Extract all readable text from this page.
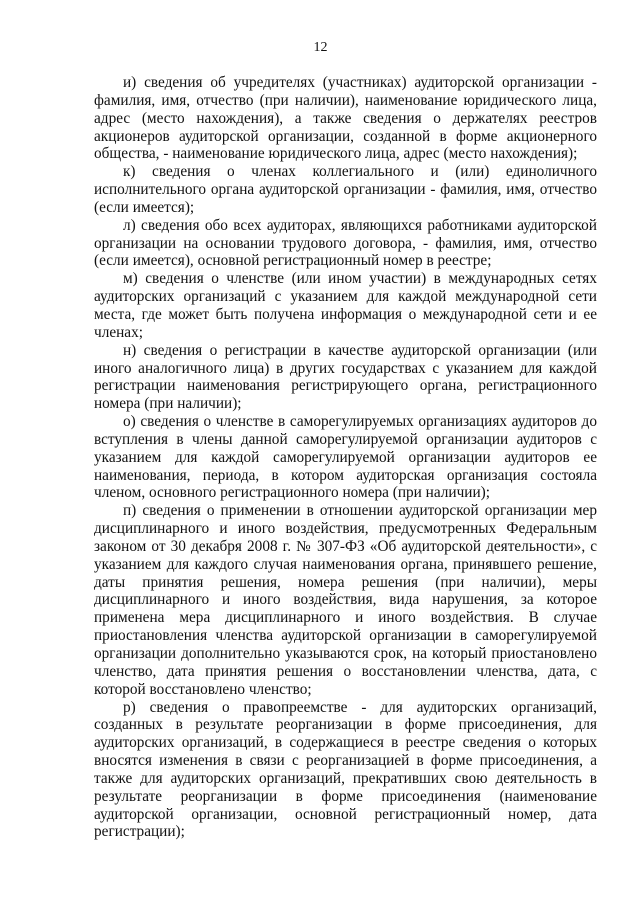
12

и) сведения об учредителях (участниках) аудиторской организации - фамилия, имя, отчество (при наличии), наименование юридического лица, адрес (место нахождения), а также сведения о держателях реестров акционеров аудиторской организации, созданной в форме акционерного общества, - наименование юридического лица, адрес (место нахождения);

к) сведения о членах коллегиального и (или) единоличного исполнительного органа аудиторской организации - фамилия, имя, отчество (если имеется);

л) сведения обо всех аудиторах, являющихся работниками аудиторской организации на основании трудового договора, - фамилия, имя, отчество (если имеется), основной регистрационный номер в реестре;

м) сведения о членстве (или ином участии) в международных сетях аудиторских организаций с указанием для каждой международной сети места, где может быть получена информация о международной сети и ее членах;

н) сведения о регистрации в качестве аудиторской организации (или иного аналогичного лица) в других государствах с указанием для каждой регистрации наименования регистрирующего органа, регистрационного номера (при наличии);

о) сведения о членстве в саморегулируемых организациях аудиторов до вступления в члены данной саморегулируемой организации аудиторов с указанием для каждой саморегулируемой организации аудиторов ее наименования, периода, в котором аудиторская организация состояла членом, основного регистрационного номера (при наличии);

п) сведения о применении в отношении аудиторской организации мер дисциплинарного и иного воздействия, предусмотренных Федеральным законом от 30 декабря 2008 г. № 307-ФЗ «Об аудиторской деятельности», с указанием для каждого случая наименования органа, принявшего решение, даты принятия решения, номера решения (при наличии), меры дисциплинарного и иного воздействия, вида нарушения, за которое применена мера дисциплинарного и иного воздействия. В случае приостановления членства аудиторской организации в саморегулируемой организации дополнительно указываются срок, на который приостановлено членство, дата принятия решения о восстановлении членства, дата, с которой восстановлено членство;

р) сведения о правопреемстве - для аудиторских организаций, созданных в результате реорганизации в форме присоединения, для аудиторских организаций, в содержащиеся в реестре сведения о которых вносятся изменения в связи с реорганизацией в форме присоединения, а также для аудиторских организаций, прекративших свою деятельность в результате реорганизации в форме присоединения (наименование аудиторской организации, основной регистрационный номер, дата регистрации);
